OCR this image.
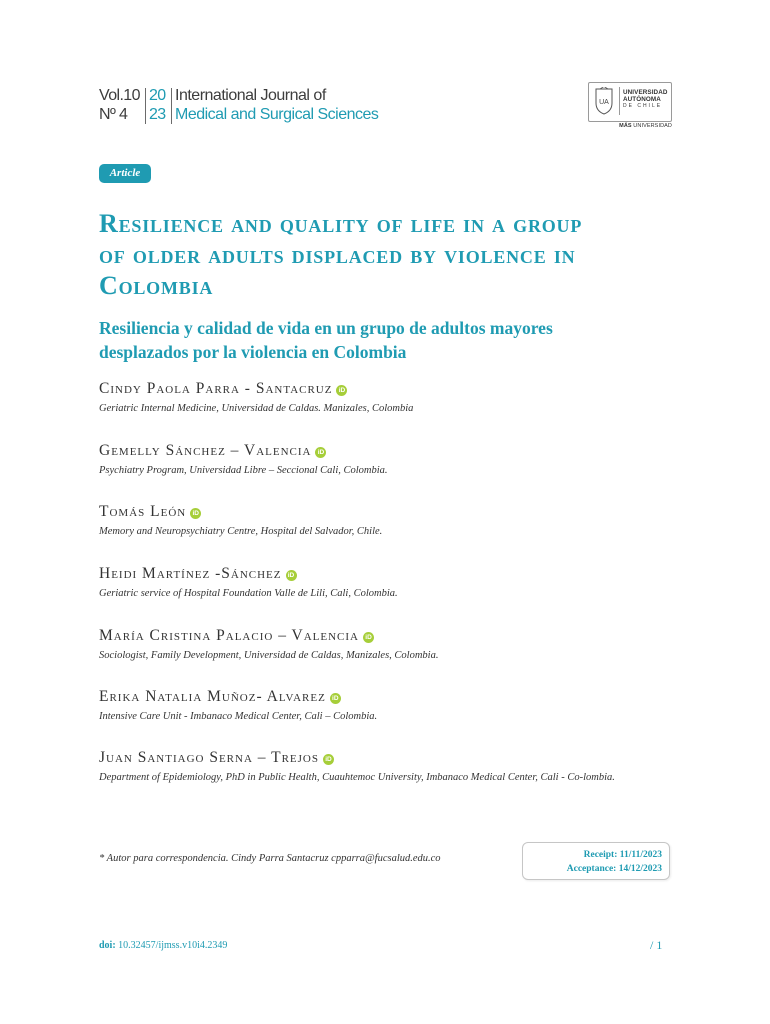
Vol.10
Nº 4
20
23
International Journal of
Medical and Surgical Sciences
UA
UNIVERSIDAD
AUTÓNOMA
DE CHILE
MÁS UNIVERSIDAD
Article
Resilience and quality of life in a group
of older adults displaced by violence in
Colombia
Resiliencia y calidad de vida en un grupo de adultos mayores
desplazados por la violencia en Colombia
Cindy Paola Parra - Santacruz iD
Geriatric Internal Medicine, Universidad de Caldas. Manizales, Colombia
Gemelly Sánchez – Valencia iD
Psychiatry Program, Universidad Libre – Seccional Cali, Colombia.
Tomás León iD
Memory and Neuropsychiatry Centre, Hospital del Salvador, Chile.
Heidi Martínez -Sánchez iD
Geriatric service of Hospital Foundation Valle de Lili, Cali, Colombia.
María Cristina Palacio – Valencia iD
Sociologist, Family Development, Universidad de Caldas, Manizales, Colombia.
Erika Natalia Muñoz- Alvarez iD
Intensive Care Unit - Imbanaco Medical Center, Cali – Colombia.
Juan Santiago Serna – Trejos iD
Department of Epidemiology, PhD in Public Health, Cuauhtemoc University, Imbanaco Medical Center, Cali - Co-lombia.
* Autor para correspondencia. Cindy Parra Santacruz cpparra@fucsalud.edu.co	Receipt: 11/11/2023
Acceptance: 14/12/2023
doi: 10.32457/ijmss.v10i4.2349	/ 1
